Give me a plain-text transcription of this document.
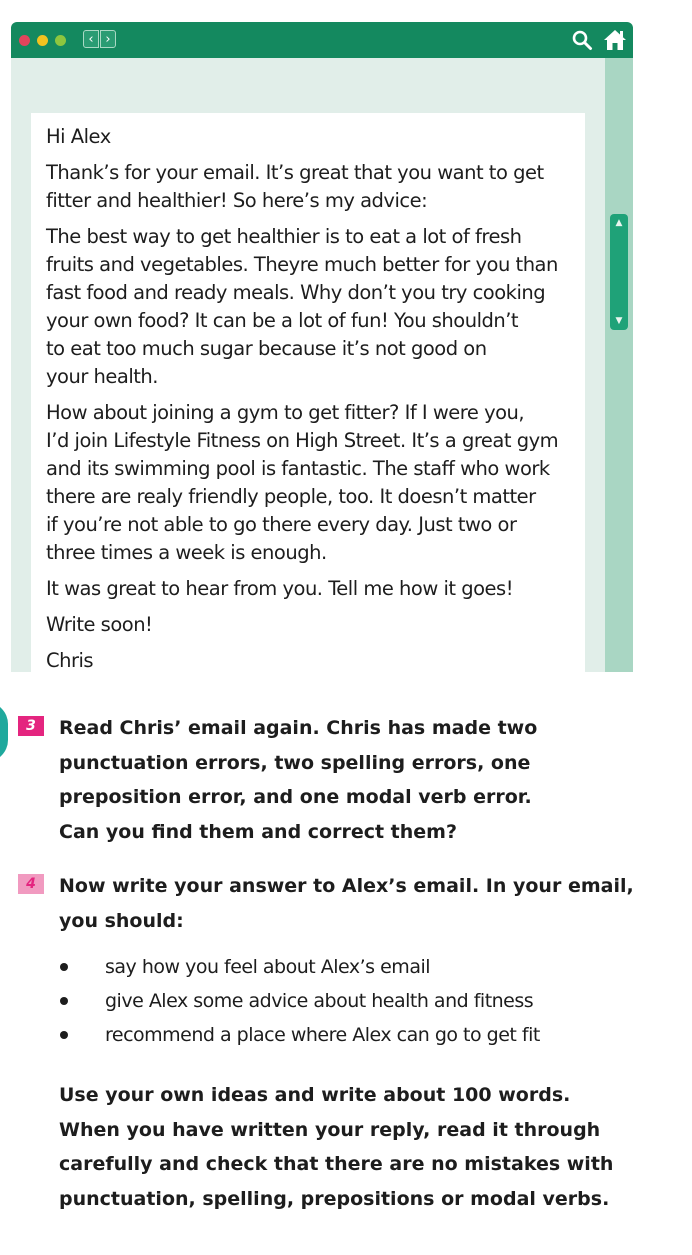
‹ ›

Hi Alex

Thank’s for your email. It’s great that you want to get
fitter and healthier! So here’s my advice:

The best way to get healthier is to eat a lot of fresh
fruits and vegetables. Theyre much better for you than
fast food and ready meals. Why don’t you try cooking
your own food? It can be a lot of fun! You shouldn’t
to eat too much sugar because it’s not good on
your health.

How about joining a gym to get fitter? If I were you,
I’d join Lifestyle Fitness on High Street. It’s a great gym
and its swimming pool is fantastic. The staff who work
there are realy friendly people, too. It doesn’t matter
if you’re not able to go there every day. Just two or
three times a week is enough.

It was great to hear from you. Tell me how it goes!

Write soon!

Chris

▲
▼
3	Read Chris’ email again. Chris has made two
punctuation errors, two spelling errors, one
preposition error, and one modal verb error.
Can you find them and correct them?

4	Now write your answer to Alex’s email. In your email,
you should:

say how you feel about Alex’s email
give Alex some advice about health and fitness
recommend a place where Alex can go to get fit

Use your own ideas and write about 100 words.
When you have written your reply, read it through
carefully and check that there are no mistakes with
punctuation, spelling, prepositions or modal verbs.
